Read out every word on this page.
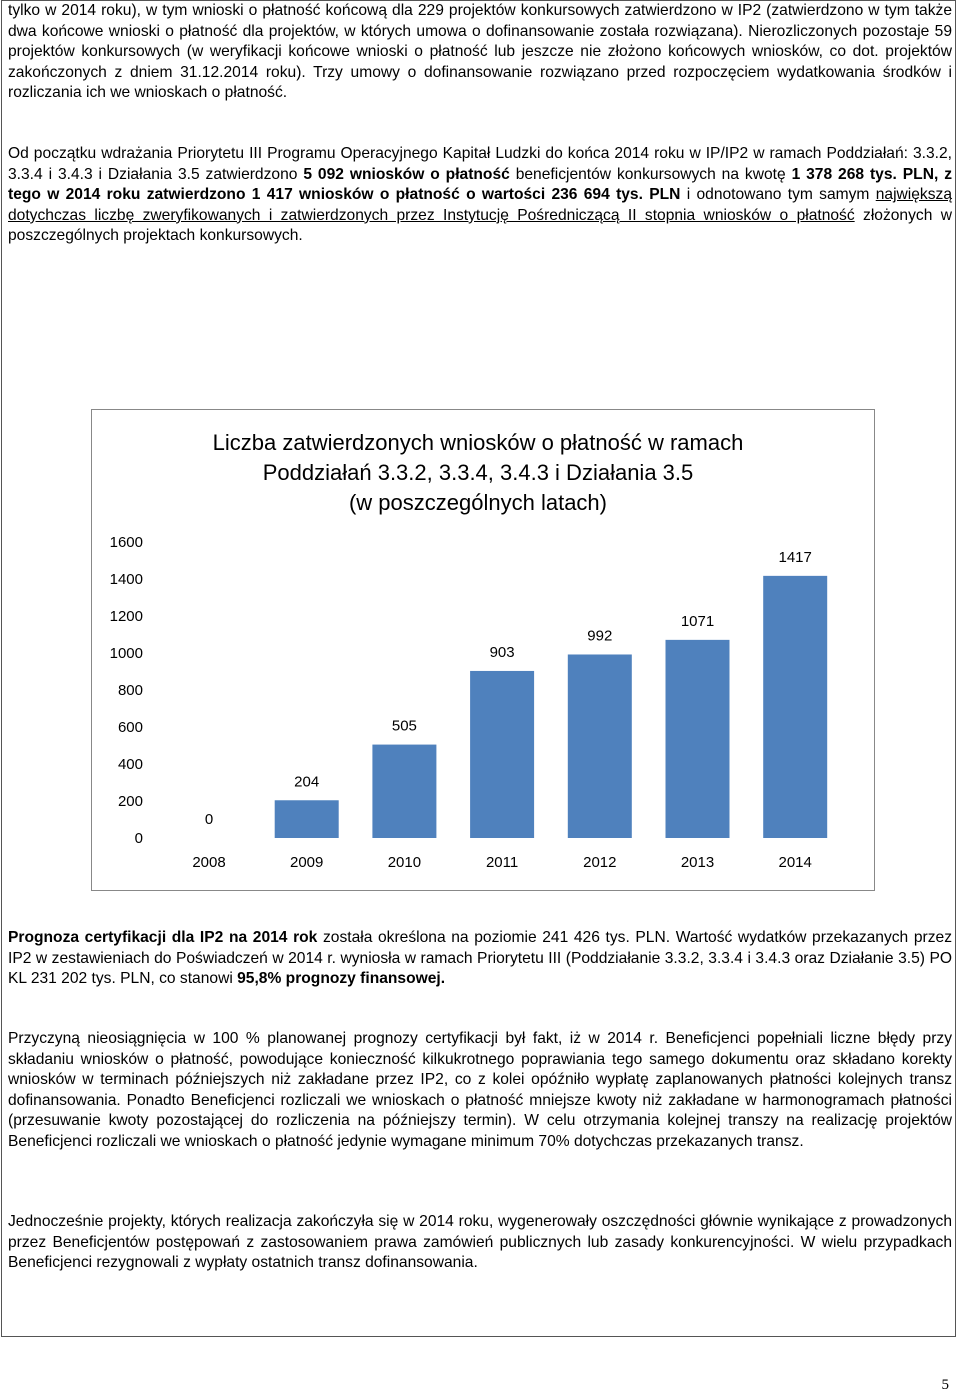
tylko w 2014 roku), w tym wnioski o płatność końcową dla 229 projektów konkursowych zatwierdzono w IP2 (zatwierdzono w tym także dwa końcowe wnioski o płatność dla projektów, w których umowa o dofinansowanie została rozwiązana). Nierozliczonych pozostaje 59 projektów konkursowych (w weryfikacji końcowe wnioski o płatność lub jeszcze nie złożono końcowych wniosków, co dot. projektów zakończonych z dniem 31.12.2014 roku). Trzy umowy o dofinansowanie rozwiązano przed rozpoczęciem wydatkowania środków i rozliczania ich we wnioskach o płatność.

Od początku wdrażania Priorytetu III Programu Operacyjnego Kapitał Ludzki do końca 2014 roku w IP/IP2 w ramach Poddziałań: 3.3.2, 3.3.4 i 3.4.3 i Działania 3.5 zatwierdzono 5 092 wniosków o płatność beneficjentów konkursowych na kwotę 1 378 268 tys. PLN, z tego w 2014 roku zatwierdzono 1 417 wniosków o płatność o wartości 236 694 tys. PLN i odnotowano tym samym największą dotychczas liczbę zweryfikowanych i zatwierdzonych przez Instytucję Pośredniczącą II stopnia wniosków o płatność złożonych w poszczególnych projektach konkursowych.

Liczba zatwierdzonych wniosków o płatność w ramach
Poddziałań 3.3.2, 3.3.4, 3.4.3 i Działania 3.5
(w poszczególnych latach)
0
200
400
600
800
1000
1200
1400
1600
0
2008
204
2009
505
2010
903
2011
992
2012
1071
2013
1417
2014

Prognoza certyfikacji dla IP2 na 2014 rok została określona na poziomie 241 426 tys. PLN. Wartość wydatków przekazanych przez IP2 w zestawieniach do Poświadczeń w 2014 r. wyniosła w ramach Priorytetu III (Poddziałanie 3.3.2, 3.3.4 i 3.4.3 oraz Działanie 3.5) PO KL 231 202 tys. PLN, co stanowi 95,8% prognozy finansowej.

Przyczyną nieosiągnięcia w 100 % planowanej prognozy certyfikacji był fakt, iż w 2014 r. Beneficjenci popełniali liczne błędy przy składaniu wniosków o płatność, powodujące konieczność kilkukrotnego poprawiania tego samego dokumentu oraz składano korekty wniosków w terminach późniejszych niż zakładane przez IP2, co z kolei opóźniło wypłatę zaplanowanych płatności kolejnych transz dofinansowania. Ponadto Beneficjenci rozliczali we wnioskach o płatność mniejsze kwoty niż zakładane w harmonogramach płatności (przesuwanie kwoty pozostającej do rozliczenia na późniejszy termin). W celu otrzymania kolejnej transzy na realizację projektów Beneficjenci rozliczali we wnioskach o płatność jedynie wymagane minimum 70% dotychczas przekazanych transz.

Jednocześnie projekty, których realizacja zakończyła się w 2014 roku, wygenerowały oszczędności głównie wynikające z prowadzonych przez Beneficjentów postępowań z zastosowaniem prawa zamówień publicznych lub zasady konkurencyjności. W wielu przypadkach Beneficjenci rezygnowali z wypłaty ostatnich transz dofinansowania.

5
